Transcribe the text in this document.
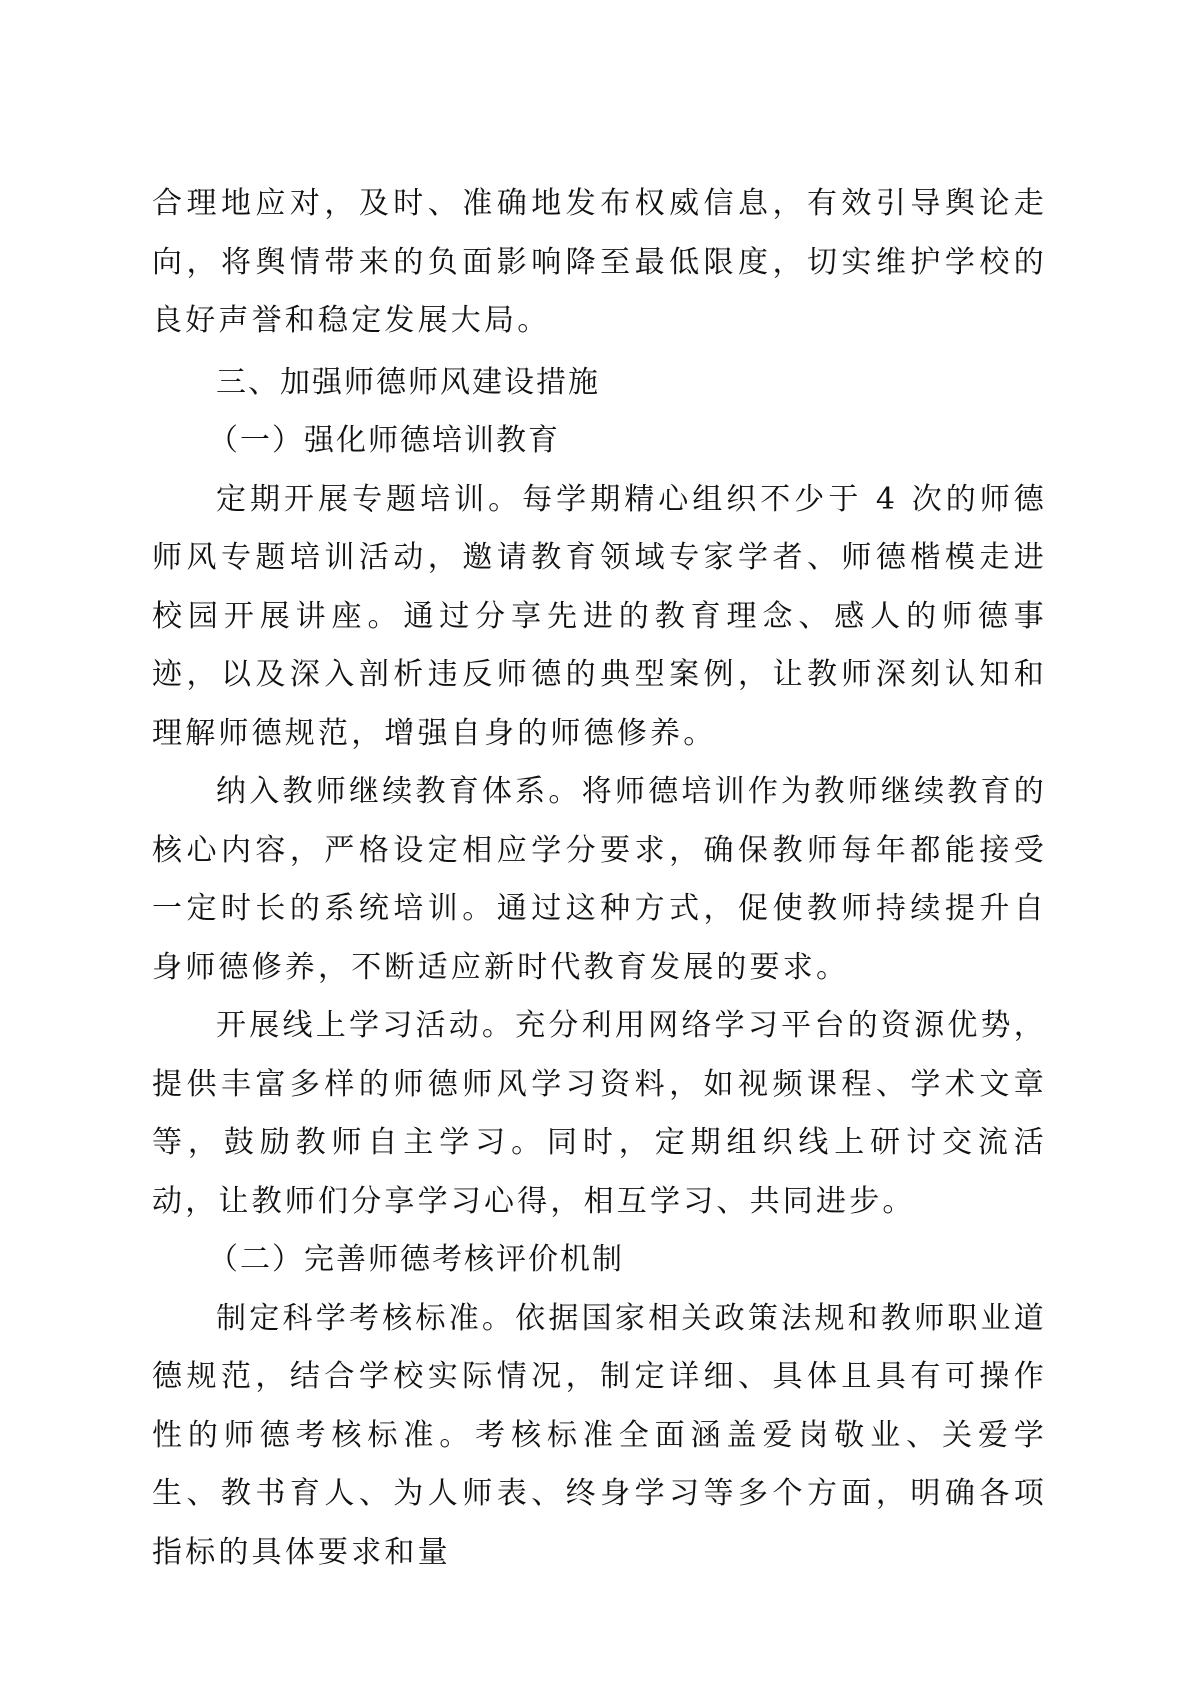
合理地应对，及时、准确地发布权威信息，有效引导舆论走向，将舆情带来的负面影响降至最低限度，切实维护学校的良好声誉和稳定发展大局。

三、加强师德师风建设措施

（一）强化师德培训教育

定期开展专题培训。每学期精心组织不少于 4 次的师德师风专题培训活动，邀请教育领域专家学者、师德楷模走进校园开展讲座。通过分享先进的教育理念、感人的师德事迹，以及深入剖析违反师德的典型案例，让教师深刻认知和理解师德规范，增强自身的师德修养。

纳入教师继续教育体系。将师德培训作为教师继续教育的核心内容，严格设定相应学分要求，确保教师每年都能接受一定时长的系统培训。通过这种方式，促使教师持续提升自身师德修养，不断适应新时代教育发展的要求。

开展线上学习活动。充分利用网络学习平台的资源优势，提供丰富多样的师德师风学习资料，如视频课程、学术文章等，鼓励教师自主学习。同时，定期组织线上研讨交流活动，让教师们分享学习心得，相互学习、共同进步。

（二）完善师德考核评价机制

制定科学考核标准。依据国家相关政策法规和教师职业道德规范，结合学校实际情况，制定详细、具体且具有可操作性的师德考核标准。考核标准全面涵盖爱岗敬业、关爱学生、教书育人、为人师表、终身学习等多个方面，明确各项指标的具体要求和量
